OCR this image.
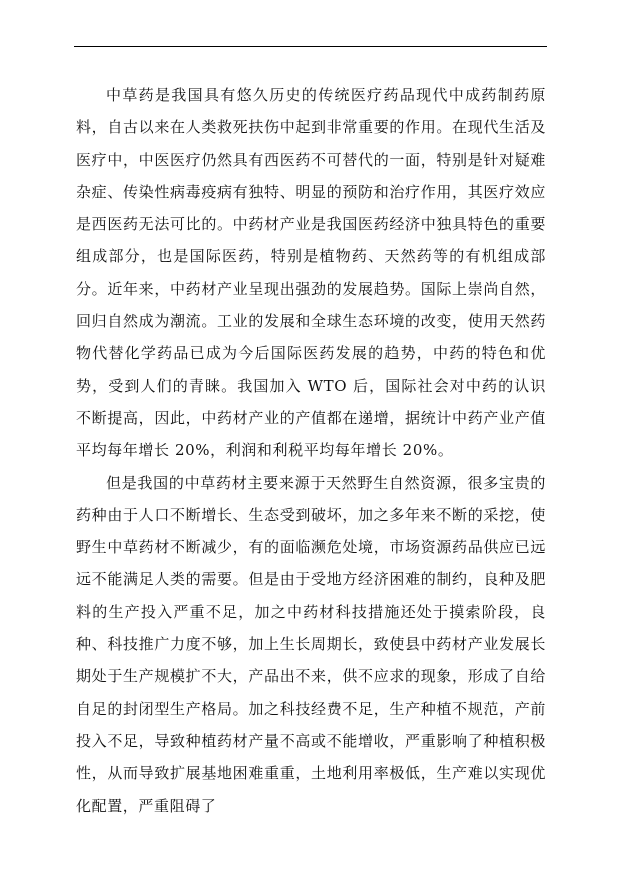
中草药是我国具有悠久历史的传统医疗药品现代中成药制药原料，自古以来在人类救死扶伤中起到非常重要的作用。在现代生活及医疗中，中医医疗仍然具有西医药不可替代的一面，特别是针对疑难杂症、传染性病毒疫病有独特、明显的预防和治疗作用，其医疗效应是西医药无法可比的。中药材产业是我国医药经济中独具特色的重要组成部分，也是国际医药，特别是植物药、天然药等的有机组成部分。近年来，中药材产业呈现出强劲的发展趋势。国际上崇尚自然，回归自然成为潮流。工业的发展和全球生态环境的改变，使用天然药物代替化学药品已成为今后国际医药发展的趋势，中药的特色和优势，受到人们的青睐。我国加入 WTO 后，国际社会对中药的认识不断提高，因此，中药材产业的产值都在递增，据统计中药产业产值平均每年增长 20%，利润和利税平均每年增长 20%。

但是我国的中草药材主要来源于天然野生自然资源，很多宝贵的药种由于人口不断增长、生态受到破坏，加之多年来不断的采挖，使野生中草药材不断减少，有的面临濒危处境，市场资源药品供应已远远不能满足人类的需要。但是由于受地方经济困难的制约，良种及肥料的生产投入严重不足，加之中药材科技措施还处于摸索阶段，良种、科技推广力度不够，加上生长周期长，致使县中药材产业发展长期处于生产规模扩不大，产品出不来，供不应求的现象，形成了自给自足的封闭型生产格局。加之科技经费不足，生产种植不规范，产前投入不足，导致种植药材产量不高或不能增收，严重影响了种植积极性，从而导致扩展基地困难重重，土地利用率极低，生产难以实现优化配置，严重阻碍了
